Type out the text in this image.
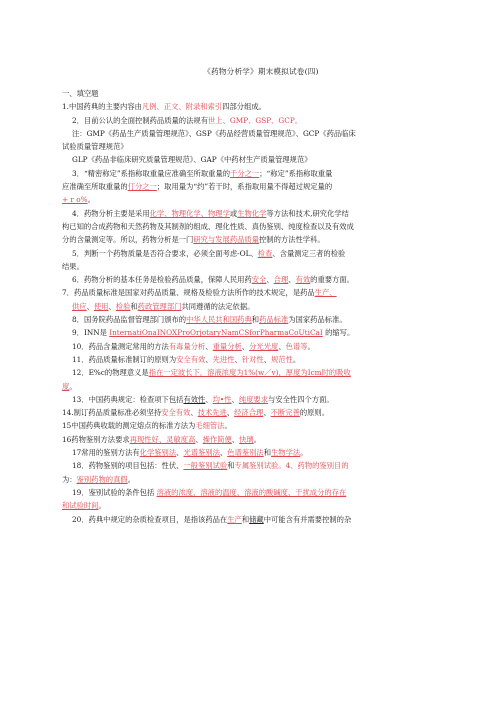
《药物分析学》期末模拟试卷(四)

一、填空题

1.中国药典的主要内容由凡例、正文、附录和索引四部分组成。

2．目前公认的全面控制药品质量的法规有世上、GMP、GSP、GCP。

注：GMP《药品生产质量管理规范》、GSP《药品经营质量管理规范》、GCP《药品临床

试验质量管理规范》

GLP《药品非临床研究质量管理规范》、GAP《中药材生产质量管理规范》

3．“精密称定”系指称取重量应准确至所取重量的千分之一；“称定”系指称取重量

应准确至所取重量的仃分之一；取用量为“约”若干时，系指取用量不得超过规定量的

+ r o%。

4．药物分析主要是采用化学、物理化学、物理学或生物化学等方法和技术,研究化学结

构已知的合成药物和天然药物及其制剂的组成、理化性质、真伪鉴别、纯度检查以及有效成

分的含量测定等。所以，药物分析是一门研究与发展药品质量控制的方法性学科。

5．判断一个药物质量是否符合要求，必须全面考虑-OL、检查、含量测定三者的检验

结果。

6．药物分析的基本任务是检验药品质量，保障人民用药安全、合理、有效的重要方面。

7．药品质量标准是国家对药品质量、规格及检验方法所作的技术规定，是药品生产、

供应、使用、检验和药政管理部门共同遵循的法定依据。

8．国务院药品监督管理部门颁布的中华人民共和国药典和药品标准为国家药品标准。

9．INN是 InternatiOnaINOXProOrjotaryNamCSforPharmaCoUtiCaI 的缩写。

10．药品含量测定常用的方法有毒量分析、重量分析、分光光度、色谱等。

11．药品质量标准制订的原则为安全有效、先进性、针对性、规范性。

12．E%c的物理意义是指在一定波长下，溶液浓度为1%(w／v)，厚度为Icm时的吸收

度。

13．中国药典规定：检查项下包括有效性、均•性、纯度要求与安全性四个方面。

14.制订药品质量标准必须坚持安全有效、技术先进、经济合理、不断完善的原则。

15中国药典收载的测定熔点的标准方法为毛细管法。

16药物鉴别方法要求再现性好、灵敏度高、操作简便、快璃。

17常用的鉴别方法有化学鉴别法、光谱鉴别法、色谱鉴别法和生物学法。

18．药物鉴别的项目包括：性伏、一般鉴别试验和专属鉴别试验。4、药物的鉴别目的

为：鉴别药物的真假。

19．鉴别试验的条件包括 溶液的浓度、溶液的温度、溶液的酸碱度、干扰成分的存在

和试验时间。

20．药典中规定的杂质检查项目，是指该药品在生产和储藏中可能含有并需要控制的杂
